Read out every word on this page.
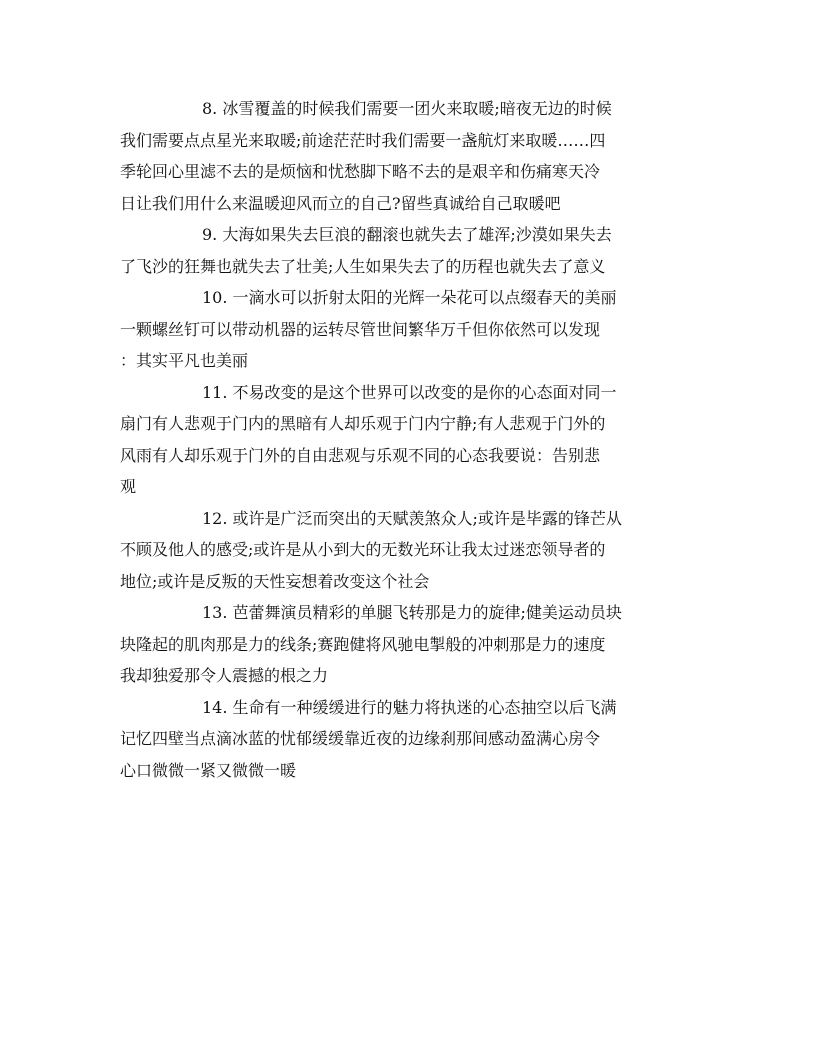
8. 冰雪覆盖的时候我们需要一团火来取暖;暗夜无边的时候
我们需要点点星光来取暖;前途茫茫时我们需要一盏航灯来取暖……四
季轮回心里滤不去的是烦恼和忧愁脚下略不去的是艰辛和伤痛寒天冷
日让我们用什么来温暖迎风而立的自己?留些真诚给自己取暖吧
9. 大海如果失去巨浪的翻滚也就失去了雄浑;沙漠如果失去
了飞沙的狂舞也就失去了壮美;人生如果失去了的历程也就失去了意义
10. 一滴水可以折射太阳的光辉一朵花可以点缀春天的美丽
一颗螺丝钉可以带动机器的运转尽管世间繁华万千但你依然可以发现
：其实平凡也美丽
11. 不易改变的是这个世界可以改变的是你的心态面对同一
扇门有人悲观于门内的黑暗有人却乐观于门内宁静;有人悲观于门外的
风雨有人却乐观于门外的自由悲观与乐观不同的心态我要说：告别悲
观
12. 或许是广泛而突出的天赋羡煞众人;或许是毕露的锋芒从
不顾及他人的感受;或许是从小到大的无数光环让我太过迷恋领导者的
地位;或许是反叛的天性妄想着改变这个社会
13. 芭蕾舞演员精彩的单腿飞转那是力的旋律;健美运动员块
块隆起的肌肉那是力的线条;赛跑健将风驰电掣般的冲刺那是力的速度
我却独爱那令人震撼的根之力
14. 生命有一种缓缓进行的魅力将执迷的心态抽空以后飞满
记忆四壁当点滴冰蓝的忧郁缓缓靠近夜的边缘刹那间感动盈满心房令
心口微微一紧又微微一暖
